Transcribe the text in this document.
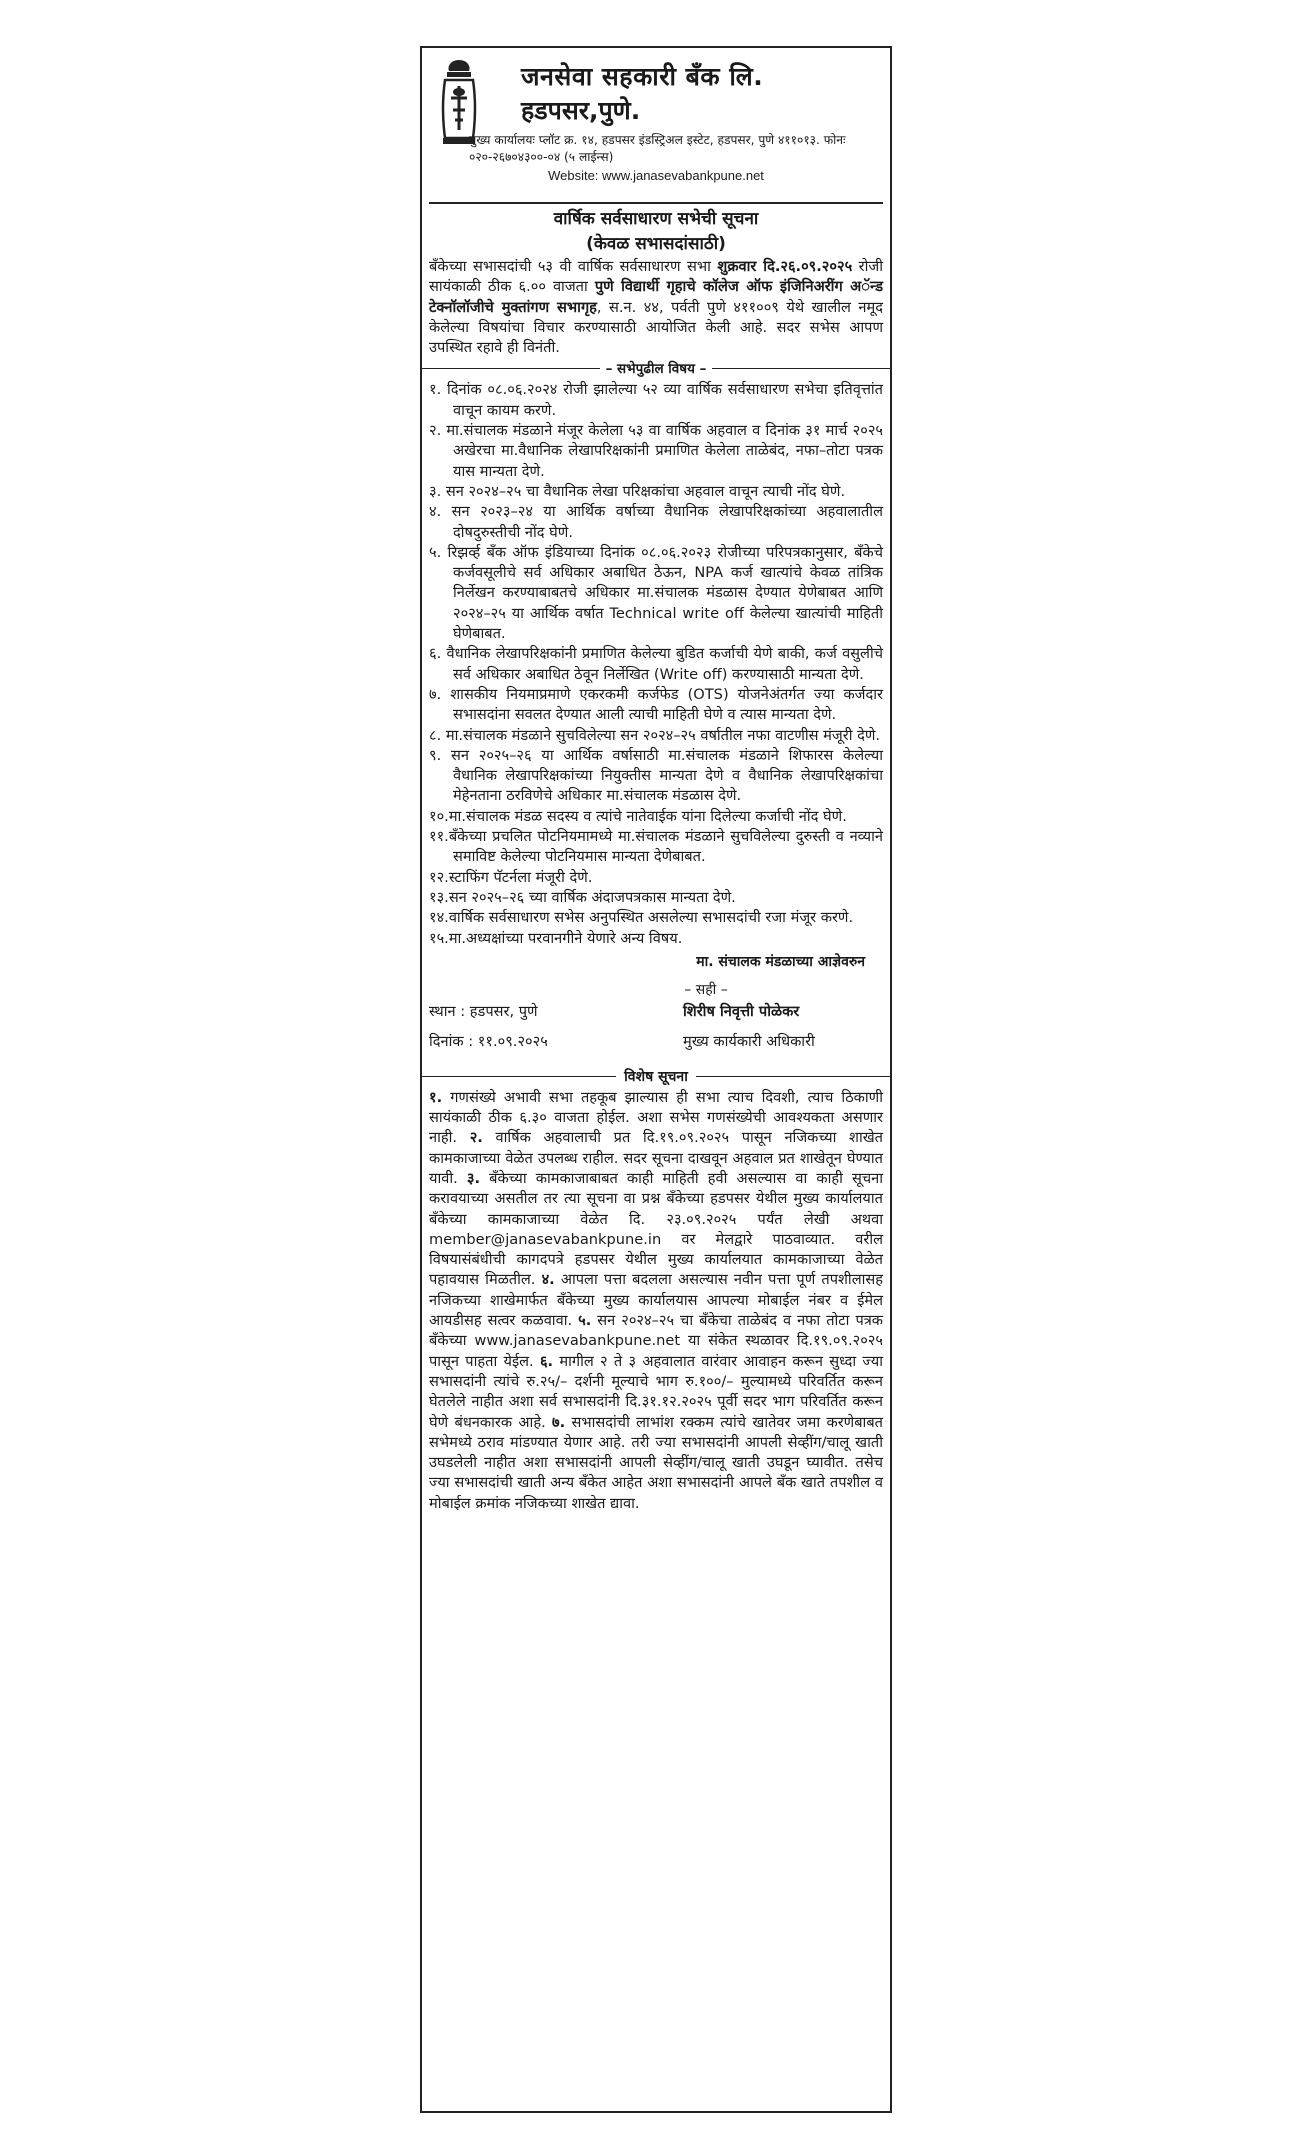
जनसेवा सहकारी बँक लि.
हडपसर,पुणे.
मुख्य कार्यालयः प्लॉट क्र. १४, हडपसर इंडस्ट्रिअल इस्टेट, हडपसर, पुणे ४११०१३. फोनः ०२०-२६७०४३००-०४ (५ लाईन्स)
Website: www.janasevabankpune.net
वार्षिक सर्वसाधारण सभेची सूचना
(केवळ सभासदांसाठी)
बँकेच्या सभासदांची ५३ वी वार्षिक सर्वसाधारण सभा शुक्रवार दि.२६.०९.२०२५ रोजी सायंकाळी ठीक ६.०० वाजता पुणे विद्यार्थी गृहाचे कॉलेज ऑफ इंजिनिअरींग अॅन्ड टेक्नॉलॉजीचे मुक्तांगण सभागृह, स.न. ४४, पर्वती पुणे ४११००९ येथे खालील नमूद केलेल्या विषयांचा विचार करण्यासाठी आयोजित केली आहे. सदर सभेस आपण उपस्थित रहावे ही विनंती.
– सभेपुढील विषय –
१. दिनांक ०८.०६.२०२४ रोजी झालेल्या ५२ व्या वार्षिक सर्वसाधारण सभेचा इतिवृत्तांत वाचून कायम करणे.
२. मा.संचालक मंडळाने मंजूर केलेला ५३ वा वार्षिक अहवाल व दिनांक ३१ मार्च २०२५ अखेरचा मा.वैधानिक लेखापरिक्षकांनी प्रमाणित केलेला ताळेबंद, नफा–तोटा पत्रक यास मान्यता देणे.
३. सन २०२४–२५ चा वैधानिक लेखा परिक्षकांचा अहवाल वाचून त्याची नोंद घेणे.
४. सन २०२३–२४ या आर्थिक वर्षाच्या वैधानिक लेखापरिक्षकांच्या अहवालातील दोषदुरुस्तीची नोंद घेणे.
५. रिझर्व्ह बँक ऑफ इंडियाच्या दिनांक ०८.०६.२०२३ रोजीच्या परिपत्रकानुसार, बँकेचे कर्जवसूलीचे सर्व अधिकार अबाधित ठेऊन, NPA कर्ज खात्यांचे केवळ तांत्रिक निर्लेखन करण्याबाबतचे अधिकार मा.संचालक मंडळास देण्यात येणेबाबत आणि २०२४–२५ या आर्थिक वर्षात Technical write off केलेल्या खात्यांची माहिती घेणेबाबत.
६. वैधानिक लेखापरिक्षकांनी प्रमाणित केलेल्या बुडित कर्जाची येणे बाकी, कर्ज वसुलीचे सर्व अधिकार अबाधित ठेवून निर्लेखित (Write off) करण्यासाठी मान्यता देणे.
७. शासकीय नियमाप्रमाणे एकरकमी कर्जफेड (OTS) योजनेअंतर्गत ज्या कर्जदार सभासदांना सवलत देण्यात आली त्याची माहिती घेणे व त्यास मान्यता देणे.
८. मा.संचालक मंडळाने सुचविलेल्या सन २०२४–२५ वर्षातील नफा वाटणीस मंजूरी देणे.
९. सन २०२५–२६ या आर्थिक वर्षासाठी मा.संचालक मंडळाने शिफारस केलेल्या वैधानिक लेखापरिक्षकांच्या नियुक्तीस मान्यता देणे व वैधानिक लेखापरिक्षकांचा मेहेनताना ठरविणेचे अधिकार मा.संचालक मंडळास देणे.
१०.मा.संचालक मंडळ सदस्य व त्यांचे नातेवाईक यांना दिलेल्या कर्जाची नोंद घेणे.
११.बँकेच्या प्रचलित पोटनियमामध्ये मा.संचालक मंडळाने सुचविलेल्या दुरुस्ती व नव्याने समाविष्ट केलेल्या पोटनियमास मान्यता देणेबाबत.
१२.स्टाफिंग पॅटर्नला मंजूरी देणे.
१३.सन २०२५–२६ च्या वार्षिक अंदाजपत्रकास मान्यता देणे.
१४.वार्षिक सर्वसाधारण सभेस अनुपस्थित असलेल्या सभासदांची रजा मंजूर करणे.
१५.मा.अध्यक्षांच्या परवानगीने येणारे अन्य विषय.
मा. संचालक मंडळाच्या आज्ञेवरुन
– सही –
स्थान : हडपसर, पुणे	शिरीष निवृत्ती पोळेकर
दिनांक : ११.०९.२०२५	मुख्य कार्यकारी अधिकारी
विशेष सूचना
१. गणसंख्ये अभावी सभा तहकूब झाल्यास ही सभा त्याच दिवशी, त्याच ठिकाणी सायंकाळी ठीक ६.३० वाजता होईल. अशा सभेस गणसंख्येची आवश्यकता असणार नाही. २. वार्षिक अहवालाची प्रत दि.१९.०९.२०२५ पासून नजिकच्या शाखेत कामकाजाच्या वेळेत उपलब्ध राहील. सदर सूचना दाखवून अहवाल प्रत शाखेतून घेण्यात यावी. ३. बँकेच्या कामकाजाबाबत काही माहिती हवी असल्यास वा काही सूचना करावयाच्या असतील तर त्या सूचना वा प्रश्न बँकेच्या हडपसर येथील मुख्य कार्यालयात बँकेच्या कामकाजाच्या वेळेत दि. २३.०९.२०२५ पर्यंत लेखी अथवा member@janasevabankpune.in वर मेलद्वारे पाठवाव्यात. वरील विषयासंबंधीची कागदपत्रे हडपसर येथील मुख्य कार्यालयात कामकाजाच्या वेळेत पहावयास मिळतील. ४. आपला पत्ता बदलला असल्यास नवीन पत्ता पूर्ण तपशीलासह नजिकच्या शाखेमार्फत बँकेच्या मुख्य कार्यालयास आपल्या मोबाईल नंबर व ईमेल आयडीसह सत्वर कळवावा. ५. सन २०२४–२५ चा बँकेचा ताळेबंद व नफा तोटा पत्रक बँकेच्या www.janasevabankpune.net या संकेत स्थळावर दि.१९.०९.२०२५ पासून पाहता येईल. ६. मागील २ ते ३ अहवालात वारंवार आवाहन करून सुध्दा ज्या सभासदांनी त्यांचे रु.२५/– दर्शनी मूल्याचे भाग रु.१००/– मुल्यामध्ये परिवर्तित करून घेतलेले नाहीत अशा सर्व सभासदांनी दि.३१.१२.२०२५ पूर्वी सदर भाग परिवर्तित करून घेणे बंधनकारक आहे. ७. सभासदांची लाभांश रक्कम त्यांचे खातेवर जमा करणेबाबत सभेमध्ये ठराव मांडण्यात येणार आहे. तरी ज्या सभासदांनी आपली सेव्हींग/चालू खाती उघडलेली नाहीत अशा सभासदांनी आपली सेव्हींग/चालू खाती उघडून घ्यावीत. तसेच ज्या सभासदांची खाती अन्य बँकेत आहेत अशा सभासदांनी आपले बँक खाते तपशील व मोबाईल क्रमांक नजिकच्या शाखेत द्यावा.
